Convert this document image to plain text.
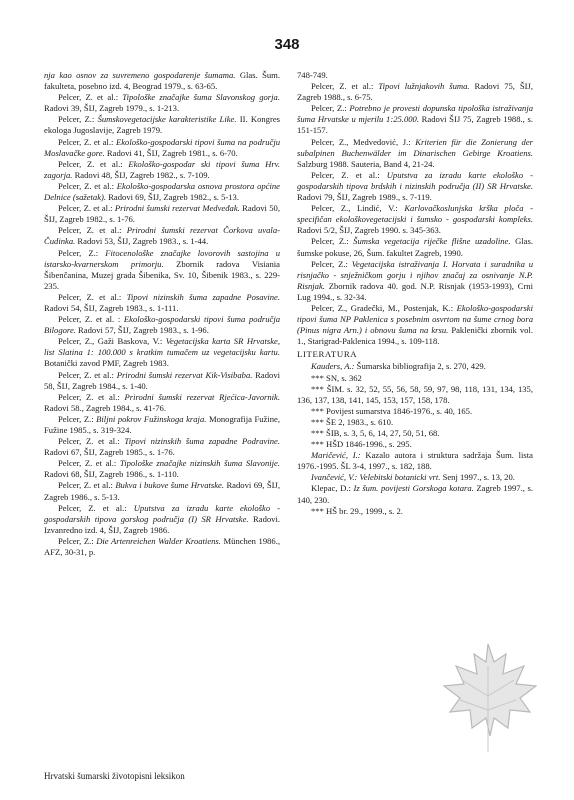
348

nja kao osnov za suvremeno gospodarenje šumama. Glas. Šum. fakulteta, posebno izd. 4, Beograd 1979., s. 63-65.

Pelcer, Z. et al.: Tipološke značajke šuma Slavonskog gorja. Radovi 39, ŠIJ, Zagreb 1979., s. 1-213.

Pelcer, Z.: Šumskovegetacijske karakteristike Like. II. Kongres ekologa Jugoslavije, Zagreb 1979.

Pelcer, Z. et al.: Ekološko-gospodarski tipovi šuma na području Moslavačke gore. Radovi 41, ŠIJ, Zagreb 1981., s. 6-70.

Pelcer, Z. et al.: Ekološko-gospodar ski tipovi šuma Hrv. zagorja. Radovi 48, ŠIJ, Zagreb 1982., s. 7-109.

Pelcer, Z. et al.: Ekološko-gospodarska osnova prostora općine Delnice (sažetak). Radovi 69, ŠIJ, Zagreb 1982., s. 5-13.

Pelcer, Z. et al.: Prirodni šumski rezervat Medveđak. Radovi 50, ŠIJ, Zagreb 1982., s. 1-76.

Pelcer, Z. et al.: Prirodni šumski rezervat Čorkova uvala-Čudinka. Radovi 53, ŠIJ, Zagreb 1983., s. 1-44.

Pelcer, Z.: Fitocenološke značajke lovorovih sastojina u istarsko-kvarnerskom primorju. Zbornik radova Visiania Šibenčanina, Muzej grada Šibenika, Sv. 10, Šibenik 1983., s. 229-235.

Pelcer, Z. et al.: Tipovi nizinskih šuma zapadne Posavine. Radovi 54, ŠIJ, Zagreb 1983., s. 1-111.

Pelcer, Z. et al. : Ekološko-gospodarski tipovi šuma područja Bilogore. Radovi 57, ŠIJ, Zagreb 1983., s. 1-96.

Pelcer, Z., Gaži Baskova, V.: Vegetacijska karta SR Hrvatske, list Slatina 1: 100.000 s kratkim tumačem uz vegetacijsku kartu. Botanički zavod PMF, Zagreb 1983.

Pelcer, Z. et al.: Prirodni šumski rezervat Kik-Visibaba. Radovi 58, ŠIJ, Zagreb 1984., s. 1-40.

Pelcer, Z. et al.: Prirodni šumski rezervat Rjećica-Javornik. Radovi 58., Zagreb 1984., s. 41-76.

Pelcer, Z.: Biljni pokrov Fužinskoga kraja. Monografija Fužine, Fužine 1985., s. 319-324.

Pelcer, Z. et al.: Tipovi nizinskih šuma zapadne Podravine. Radovi 67, ŠIJ, Zagreb 1985., s. 1-76.

Pelcer, Z. et al.: Tipološke značajke nizinskih šuma Slavonije. Radovi 68, ŠIJ, Zagreb 1986., s. 1-110.

Pelcer, Z. et al.: Bukva i bukove šume Hrvatske. Radovi 69, ŠIJ, Zagreb 1986., s. 5-13.

Pelcer, Z. et al.: Uputstva za izradu karte ekološko - gospodarskih tipova gorskog područja (I) SR Hrvatske. Radovi. Izvanredno izd. 4, ŠIJ, Zagreb 1986.

Pelcer, Z.: Die Artenreichen Walder Kroatiens. München 1986., AFZ, 30-31, p.

748-749.

Pelcer, Z. et al.: Tipovi lužnjakovih šuma. Radovi 75, ŠIJ, Zagreb 1988., s. 6-75.

Pelcer, Z.: Potrebno je provesti dopunska tipološka istraživanja šuma Hrvatske u mjerilu 1:25.000. Radovi ŠIJ 75, Zagreb 1988., s. 151-157.

Pelcer, Z., Medvedović, J.: Kriterien für die Zonierung der subalpinen Buchenwälder im Dinarischen Gebirge Kroatiens. Salzburg 1988. Sauteria, Band 4, 21-24.

Pelcer, Z. et al.: Uputstva za izradu karte ekološko - gospodarskih tipova brdskih i nizinskih područja (II) SR Hrvatske. Radovi 79, ŠIJ, Zagreb 1989., s. 7-119.

Pelcer, Z., Lindić, V.: Karlovačkoslunjska krška ploča - specifičan ekološkovegetacijski i šumsko - gospodarski kompleks. Radovi 5/2, ŠIJ, Zagreb 1990. s. 345-363.

Pelcer, Z.: Šumska vegetacija riječke flišne uzadoline. Glas. šumske pokuse, 26, Šum. fakultet Zagreb, 1990.

Pelcer, Z.: Vegetacijska istraživanja I. Horvata i suradnika u risnjačko - snježničkom gorju i njihov značaj za osnivanje N.P. Risnjak. Zbornik radova 40. god. N.P. Risnjak (1953-1993), Crni Lug 1994., s. 32-34.

Pelcer, Z., Gradečki, M., Postenjak, K.: Ekološko-gospodarski tipovi šuma NP Paklenica s posebnim osvrtom na šume crnog bora (Pinus nigra Arn.) i obnovu šuma na krsu. Paklenički zbornik vol. 1., Starigrad-Paklenica 1994., s. 109-118.

LITERATURA

Kauders, A.: Šumarska bibliografija 2, s. 270, 429.

*** SN, s. 362

*** ŠIM. s. 32, 52, 55, 56, 58, 59, 97, 98, 118, 131, 134, 135, 136, 137, 138, 141, 145, 153, 157, 158, 178.

*** Povijest sumarstva 1846-1976., s. 40, 165.

*** ŠE 2, 1983., s. 610.

*** ŠIB, s. 3, 5, 6, 14, 27, 50, 51, 68.

*** HŠD 1846-1996., s. 295.

Maričević, I.: Kazalo autora i struktura sadržaja Šum. lista 1976.-1995. ŠL 3-4, 1997., s. 182, 188.

Ivančević, V.: Velebitski botanicki vrt. Senj 1997., s. 13, 20.

Klepac, D.: Iz šum. povijesti Gorskoga kotara. Zagreb 1997., s. 140, 230.

*** HŠ br. 29., 1999., s. 2.

Hrvatski šumarski životopisni leksikon
